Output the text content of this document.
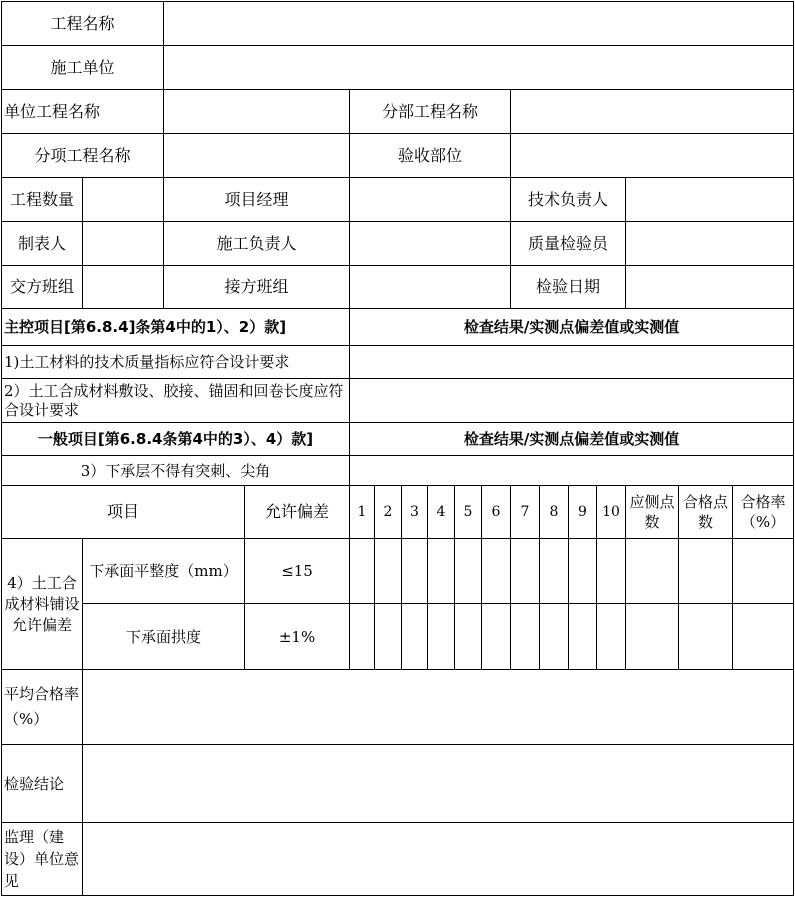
工程名称																
施工单位																
单位工程名称				分部工程名称												
分项工程名称				验收部位												
工程数量		项目经理								技术负责人						
制表人		施工负责人								质量检验员						
交方班组		接方班组								检验日期						
主控项目[第6.8.4]条第4中的1）、2）款]				检查结果/实测点偏差值或实测值												
1)土工材料的技术质量指标应符合设计要求																
2）土工合成材料敷设、胶接、锚固和回卷长度应符合设计要求																
一般项目[第6.8.4条第4中的3）、4）款]				检查结果/实测点偏差值或实测值												
3）下承层不得有突刺、尖角																
项目			允许偏差	1	2	3	4	5	6	7	8	9	10	应侧点数	合格点数	合格率（%）
4）土工合成材料铺设允许偏差	下承面平整度（mm）		≤15													
	下承面拱度		±1%													
平均合格率（%）																
检验结论																
监理（建设）单位意见																
